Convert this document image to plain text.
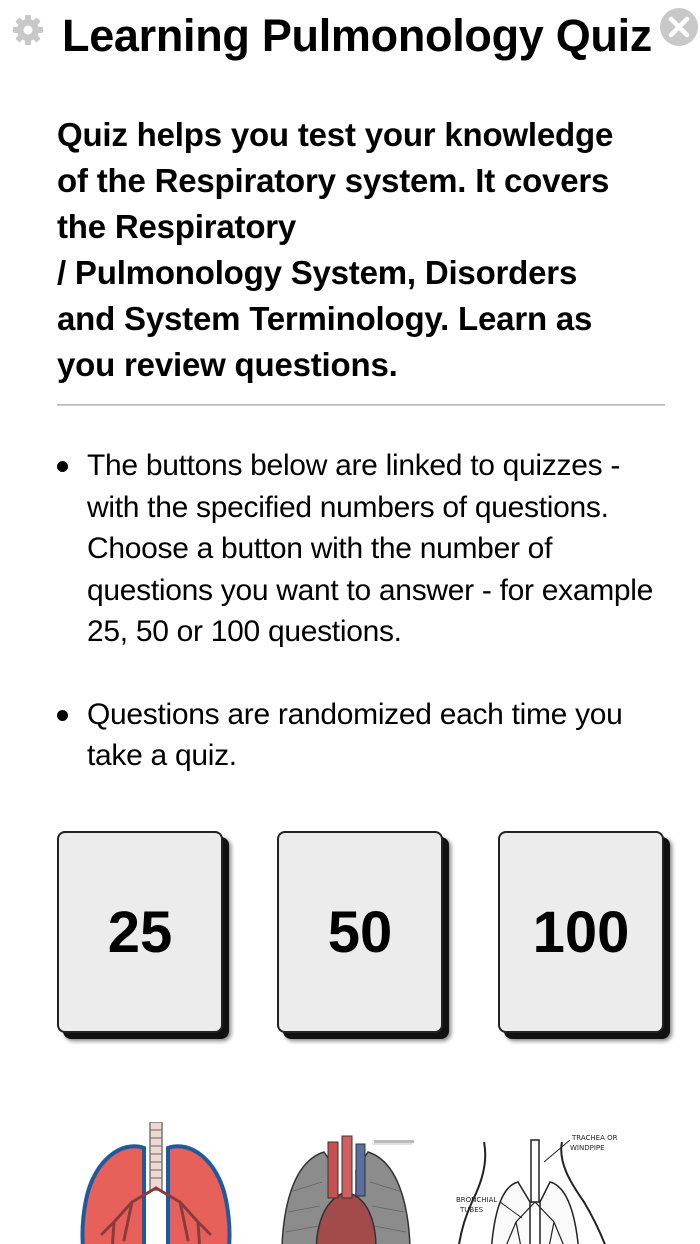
Learning Pulmonology Quiz
Quiz helps you test your knowledge
of the Respiratory system. It covers
the Respiratory
/ Pulmonology System, Disorders
and System Terminology. Learn as
you review questions.
The buttons below are linked to quizzes -
with the specified numbers of questions.
Choose a button with the number of
questions you want to answer - for example
25, 50 or 100 questions.
Questions are randomized each time you
take a quiz.
25	50	100
TRACHEA OR
WINDPIPE
BRONCHIAL
TUBES
